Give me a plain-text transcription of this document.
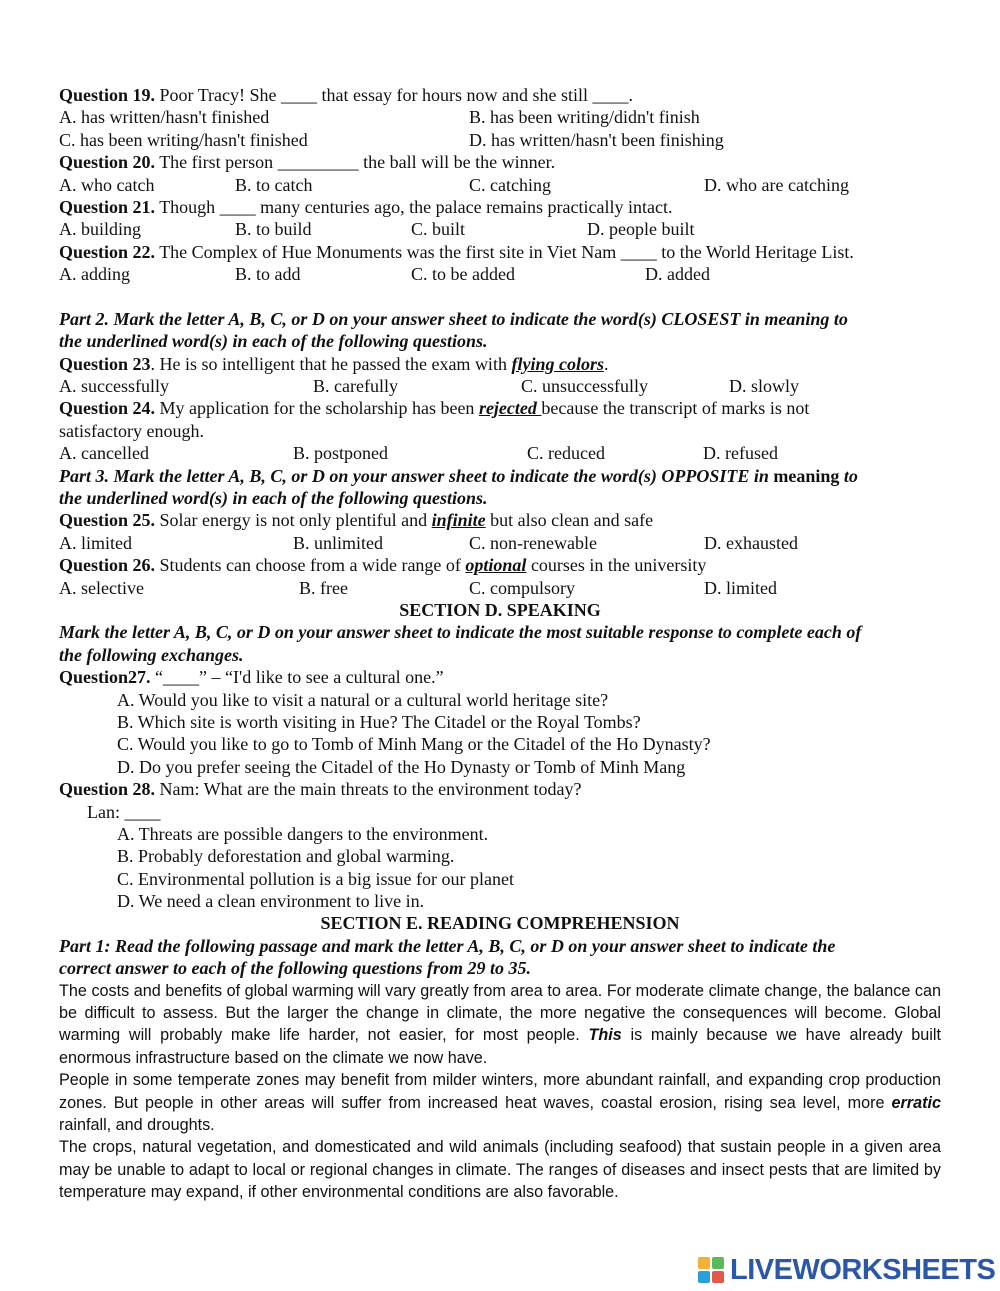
Question 19. Poor Tracy! She ____ that essay for hours now and she still ____.
A. has written/hasn't finished	B. has been writing/didn't finish
C. has been writing/hasn't finished	D. has written/hasn't been finishing
Question 20. The first person _________ the ball will be the winner.
A. who catch	B. to catch	C. catching	D. who are catching
Question 21. Though ____ many centuries ago, the palace remains practically intact.
A. building	B. to build	C. built	D. people built
Question 22. The Complex of Hue Monuments was the first site in Viet Nam ____ to the World Heritage List.
A. adding	B. to add	C. to be added	D. added
Part 2. Mark the letter A, B, C, or D on your answer sheet to indicate the word(s) CLOSEST in meaning to
the underlined word(s) in each of the following questions.
Question 23. He is so intelligent that he passed the exam with flying colors.
A. successfully	B. carefully	C. unsuccessfully	D. slowly
Question 24. My application for the scholarship has been rejected because the transcript of marks is not
satisfactory enough.
A. cancelled	B. postponed	C. reduced	D. refused
Part 3. Mark the letter A, B, C, or D on your answer sheet to indicate the word(s) OPPOSITE in meaning to
the underlined word(s) in each of the following questions.
Question 25. Solar energy is not only plentiful and infinite but also clean and safe
A. limited	B. unlimited	C. non-renewable	D. exhausted
Question 26. Students can choose from a wide range of optional courses in the university
A. selective	B. free	C. compulsory	D. limited
SECTION D. SPEAKING
Mark the letter A, B, C, or D on your answer sheet to indicate the most suitable response to complete each of
the following exchanges.
Question27. “____” – “I'd like to see a cultural one.”
A. Would you like to visit a natural or a cultural world heritage site?
B. Which site is worth visiting in Hue? The Citadel or the Royal Tombs?
C. Would you like to go to Tomb of Minh Mang or the Citadel of the Ho Dynasty?
D. Do you prefer seeing the Citadel of the Ho Dynasty or Tomb of Minh Mang
Question 28. Nam: What are the main threats to the environment today?
Lan: ____
A. Threats are possible dangers to the environment.
B. Probably deforestation and global warming.
C. Environmental pollution is a big issue for our planet
D. We need a clean environment to live in.
SECTION E. READING COMPREHENSION
Part 1: Read the following passage and mark the letter A, B, C, or D on your answer sheet to indicate the
correct answer to each of the following questions from 29 to 35.

The costs and benefits of global warming will vary greatly from area to area. For moderate climate change, the balance can be difficult to assess. But the larger the change in climate, the more negative the consequences will become. Global warming will probably make life harder, not easier, for most people. This is mainly because we have already built enormous infrastructure based on the climate we now have.

People in some temperate zones may benefit from milder winters, more abundant rainfall, and expanding crop production zones. But people in other areas will suffer from increased heat waves, coastal erosion, rising sea level, more erratic rainfall, and droughts.

The crops, natural vegetation, and domesticated and wild animals (including seafood) that sustain people in a given area may be unable to adapt to local or regional changes in climate. The ranges of diseases and insect pests that are limited by temperature may expand, if other environmental conditions are also favorable.

LIVEWORKSHEETS
